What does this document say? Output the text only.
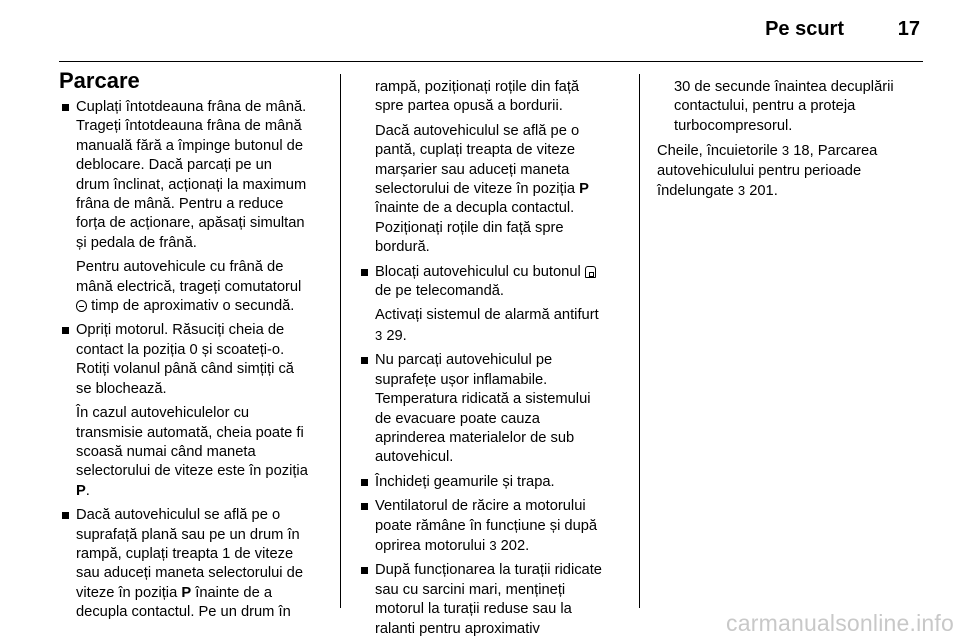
Pe scurt	17
Parcare
Cuplați întotdeauna frâna de mână.
Trageți întotdeauna frâna de mână
manuală fără a împinge butonul de
deblocare. Dacă parcați pe un
drum înclinat, acționați la maximum
frâna de mână. Pentru a reduce
forța de acționare, apăsați simultan
și pedala de frână.
Pentru autovehicule cu frână de
mână electrică, trageți comutatorul
timp de aproximativ o secundă.
Opriți motorul. Răsuciți cheia de
contact la poziția 0 și scoateți-o.
Rotiți volanul până când simțiți că
se blochează.
În cazul autovehiculelor cu
transmisie automată, cheia poate fi
scoasă numai când maneta
selectorului de viteze este în poziția
P.
Dacă autovehiculul se află pe o
suprafață plană sau pe un drum în
rampă, cuplați treapta 1 de viteze
sau aduceți maneta selectorului de
viteze în poziția P înainte de a
decupla contactul. Pe un drum în
rampă, poziționați roțile din față
spre partea opusă a bordurii.
Dacă autovehiculul se află pe o
pantă, cuplați treapta de viteze
marșarier sau aduceți maneta
selectorului de viteze în poziția P
înainte de a decupla contactul.
Poziționați roțile din față spre
bordură.
Blocați autovehiculul cu butonul
de pe telecomandă.
Activați sistemul de alarmă antifurt
3 29.
Nu parcați autovehiculul pe
suprafețe ușor inflamabile.
Temperatura ridicată a sistemului
de evacuare poate cauza
aprinderea materialelor de sub
autovehicul.
Închideți geamurile și trapa.
Ventilatorul de răcire a motorului
poate rămâne în funcțiune și după
oprirea motorului 3 202.
După funcționarea la turații ridicate
sau cu sarcini mari, mențineți
motorul la turații reduse sau la
ralanti pentru aproximativ
30 de secunde înaintea decuplării
contactului, pentru a proteja
turbocompresorul.
Cheile, încuietorile 3 18, Parcarea
autovehiculului pentru perioade
îndelungate 3 201.
carmanualsonline.info
